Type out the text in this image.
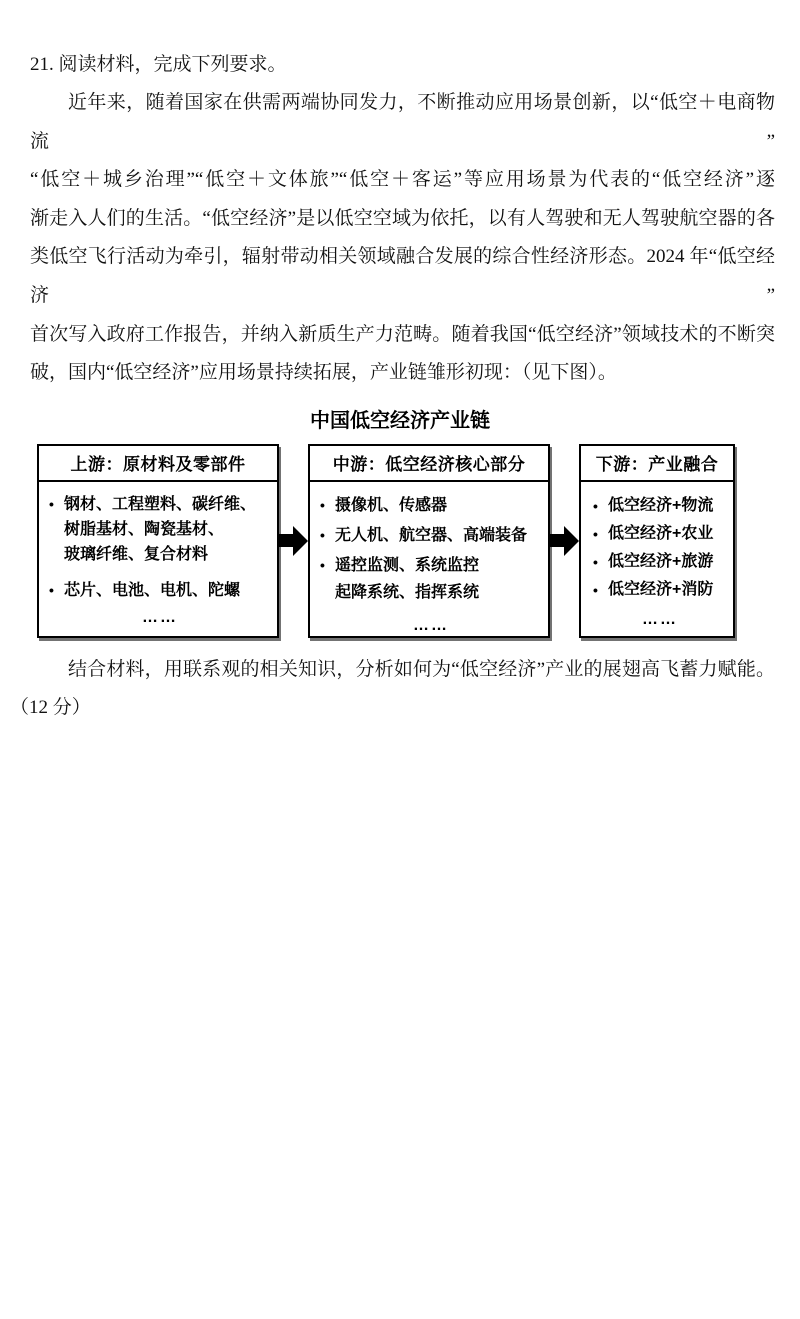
21. 阅读材料，完成下列要求。
近年来，随着国家在供需两端协同发力，不断推动应用场景创新，以“低空＋电商物流”
“低空＋城乡治理”“低空＋文体旅”“低空＋客运”等应用场景为代表的“低空经济”逐
渐走入人们的生活。“低空经济”是以低空空域为依托，以有人驾驶和无人驾驶航空器的各
类低空飞行活动为牵引，辐射带动相关领域融合发展的综合性经济形态。2024 年“低空经济”
首次写入政府工作报告，并纳入新质生产力范畴。随着我国“低空经济”领域技术的不断突
破，国内“低空经济”应用场景持续拓展，产业链雏形初现：（见下图）。
中国低空经济产业链
上游：原材料及零部件
• 钢材、工程塑料、碳纤维、
树脂基材、陶瓷基材、
玻璃纤维、复合材料
• 芯片、电池、电机、陀螺
……
中游：低空经济核心部分
• 摄像机、传感器
• 无人机、航空器、高端装备
• 遥控监测、系统监控
起降系统、指挥系统
……
下游：产业融合
• 低空经济+物流
• 低空经济+农业
• 低空经济+旅游
• 低空经济+消防
……
结合材料，用联系观的相关知识，分析如何为“低空经济”产业的展翅高飞蓄力赋能。
（12 分）
